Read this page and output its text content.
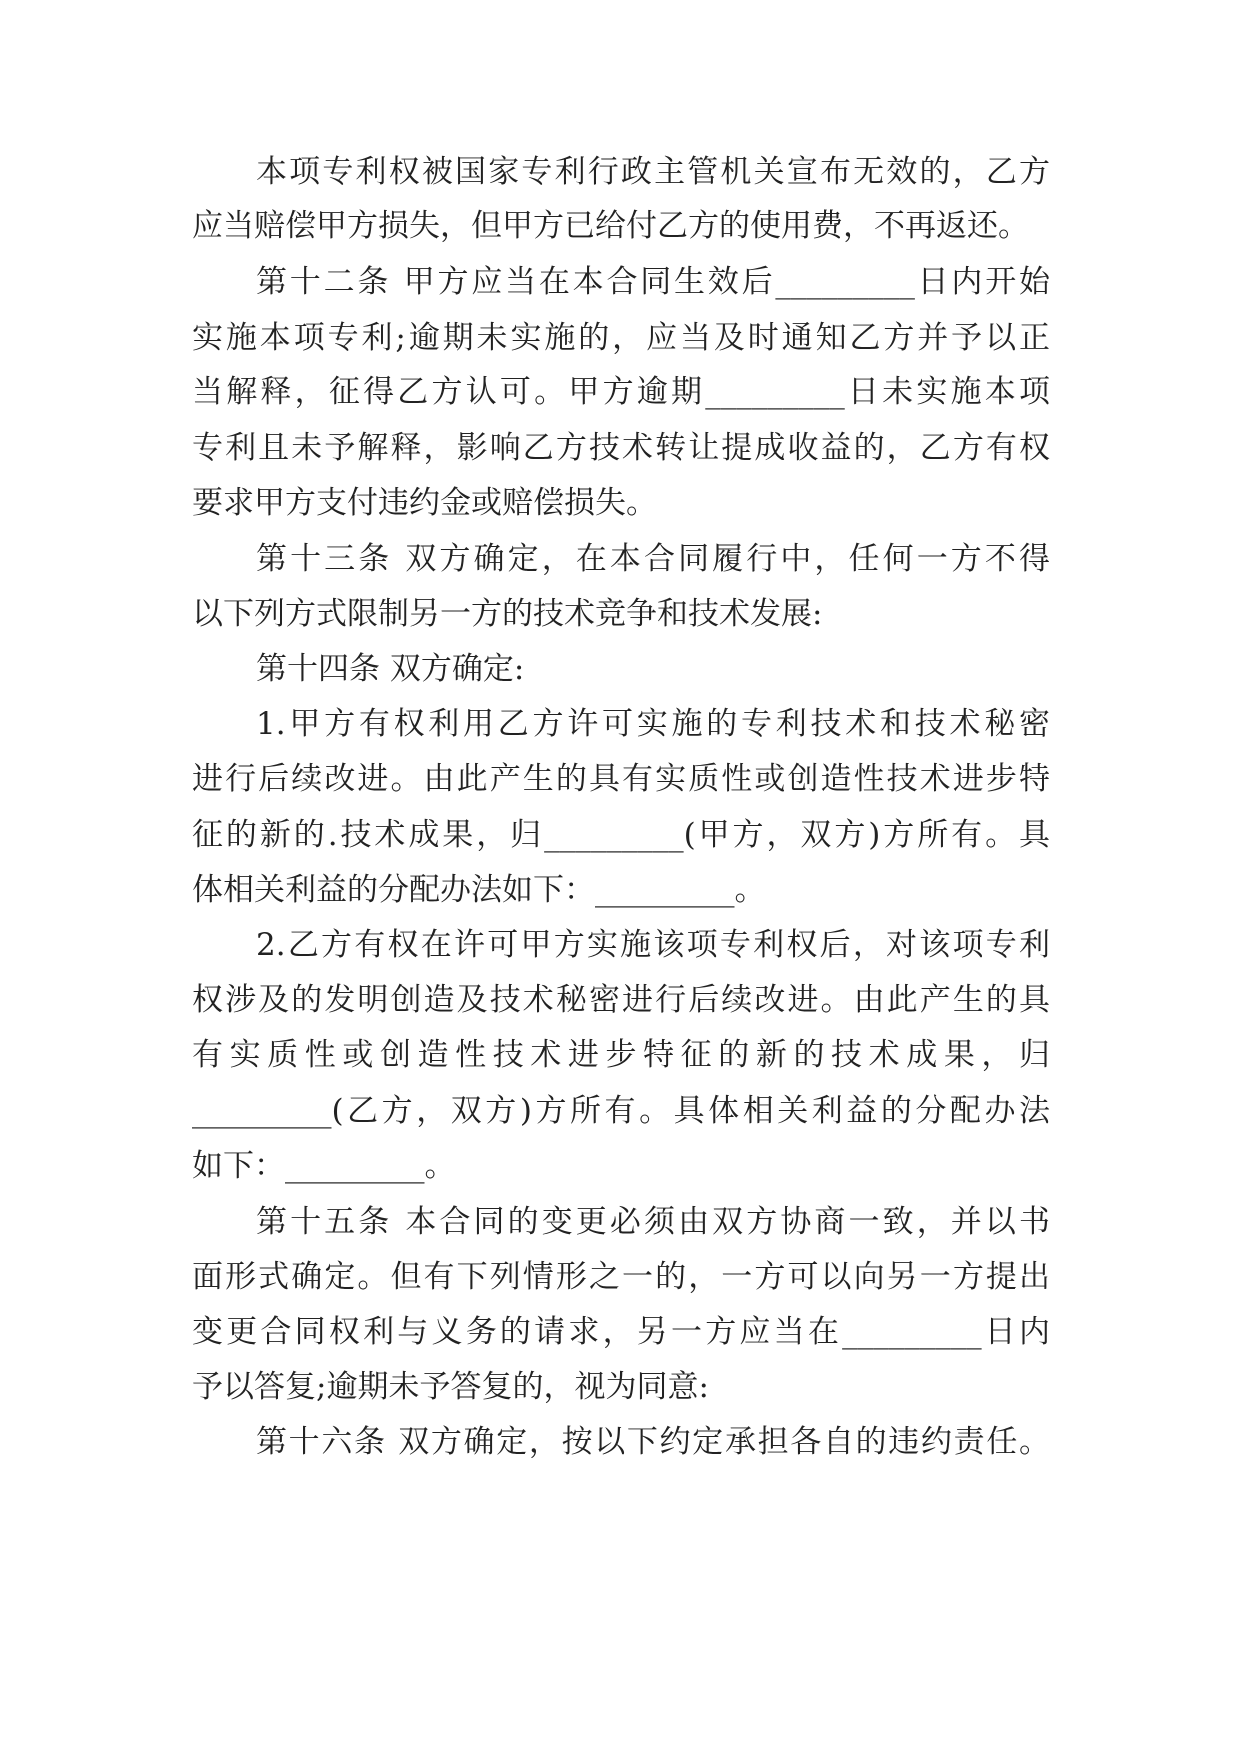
本项专利权被国家专利行政主管机关宣布无效的，乙方
应当赔偿甲方损失，但甲方已给付乙方的使用费，不再返还。
第十二条 甲方应当在本合同生效后_________日内开始
实施本项专利;逾期未实施的，应当及时通知乙方并予以正
当解释，征得乙方认可。甲方逾期_________日未实施本项
专利且未予解释，影响乙方技术转让提成收益的，乙方有权
要求甲方支付违约金或赔偿损失。
第十三条 双方确定，在本合同履行中，任何一方不得
以下列方式限制另一方的技术竞争和技术发展:
第十四条 双方确定:
1.甲方有权利用乙方许可实施的专利技术和技术秘密
进行后续改进。由此产生的具有实质性或创造性技术进步特
征的新的.技术成果，归_________(甲方，双方)方所有。具
体相关利益的分配办法如下：_________。
2.乙方有权在许可甲方实施该项专利权后，对该项专利
权涉及的发明创造及技术秘密进行后续改进。由此产生的具
有实质性或创造性技术进步特征的新的技术成果，归
_________(乙方，双方)方所有。具体相关利益的分配办法
如下：_________。
第十五条 本合同的变更必须由双方协商一致，并以书
面形式确定。但有下列情形之一的，一方可以向另一方提出
变更合同权利与义务的请求，另一方应当在_________日内
予以答复;逾期未予答复的，视为同意:
第十六条 双方确定，按以下约定承担各自的违约责任。
